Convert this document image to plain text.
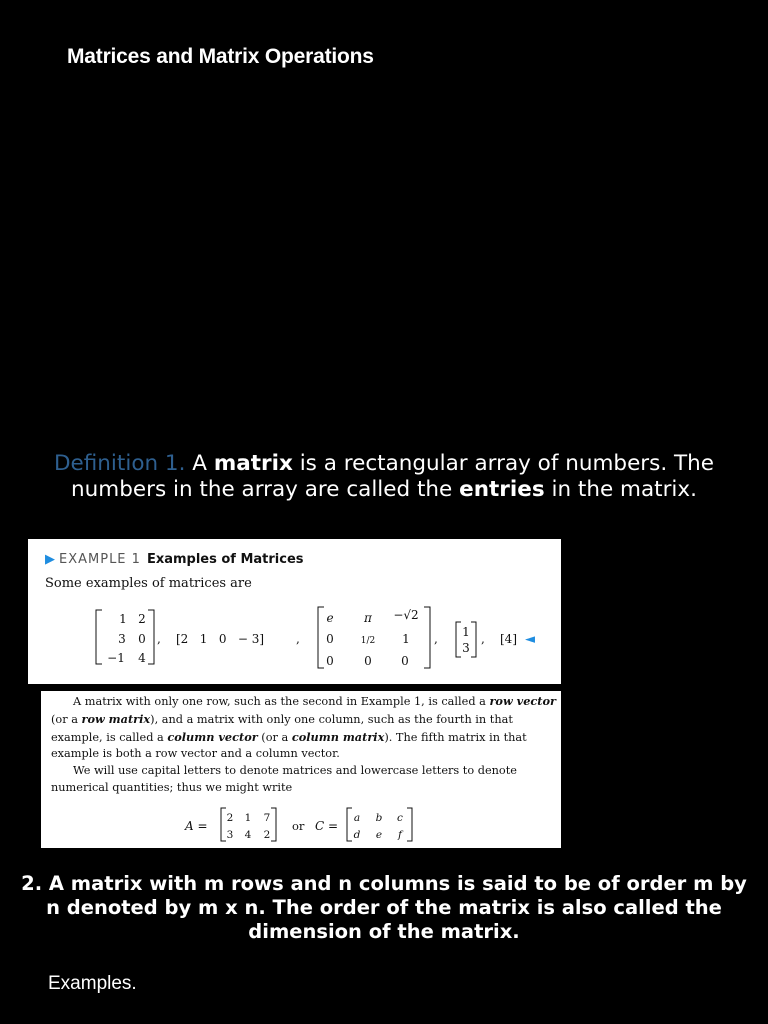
Matrices and Matrix Operations
Definition 1. A matrix is a rectangular array of numbers. The numbers in the array are called the entries in the matrix.
▶ EXAMPLE 1 Examples of Matrices
Some examples of matrices are
1 2
3 0
−1 4
, [2   1   0   − 3]	,
e	π −√2
0	1/2 1
0	0 0
, 1
3
, [4] ◄

A matrix with only one row, such as the second in Example 1, is called a row vector (or a row matrix), and a matrix with only one column, such as the fourth in that example, is called a column vector (or a column matrix). The fifth matrix in that example is both a row vector and a column vector.

We will use capital letters to denote matrices and lowercase letters to denote numerical quantities; thus we might write

A =
2 1 7
3 4 2
or C =
a b c
d e f
2. A matrix with m rows and n columns is said to be of order m by n denoted by m x n. The order of the matrix is also called the dimension of the matrix.
Examples.
